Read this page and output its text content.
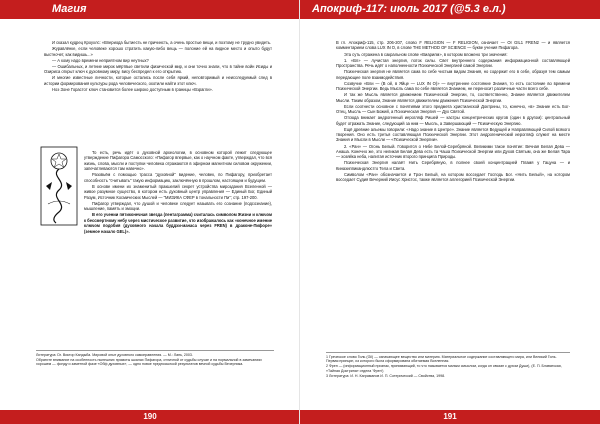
Магия

И сказал кудрец Кроухлс: «Впериода бытиесть не причинсть, а очень простые вещи, и поэтому не трудно увидеть.

Журавлёнке, если человеке хорошо стратить какую-либо вещь — полоние ей на видное место и опыто будут выстночет, как видишь...»

— А кому надо времени неприятном вир неутных?

— Ошибальных, и летние мирок мёртвые светили физической мир, и они точно знали, что в тайне войн Исиды и Озириса открыт ключ к духовному миру, вису беспредел к его открытию.

И многие известные личности, которые остались после себя яркий, неповторимый и неисследуемый след в истории формирования культуры рода человеческого, охотили найти этот ключ.

Ноэ Зоне Горастот ключ становится более широко доступным в границы «Взрагли».

То есть, речь идёт о духовной археологии, в основном которой лежит следующее утверждение Пифагора Самосского: «Пифагор впервые, как о научном факте, утверждал, что вся жизнь, слова, мысли и поступки человека отражаются в эфирном магнитном силовом окружении, запечатлеваются там навечно».

Разовьём с помощью трасса "духовной" видение, человек, по Пифагору, приобретает способность "считывать" такую информацию, заключённую в прошлом, настоящем и будущем.

В основе имени их знаменитый пракшелий секрет устройства мироздания Вселенной — живое разумное существо, в котором есть духовный центр управления — Единый Бог, Единый Разум, Источник Космических Мыслей — "МИЗИКА СФЕР в тональности Пи"; стр. 197-200.

Пифагор утверждал, что душой и человеке следует называть его сознание (подсознание), мышление, память и эмоции.

В его учении пятиконечная звезда (пентаграмма) считалась символом Жизни и ключом к бессмертному небу через мистическое развитие, что изображалось как «конечное имение ключом подобия (духовного начала буддхи-манаса через FREN) в драконе-Пифоре» (земное начало GEL)».

Литература: Dr. Виктор Кандыба. Мировой опыт духовного самоправления. — М.: Лань, 2003.

Обратите внимание на особенность нынешних прямоты шкалах Пифагора, отличной от судьбы случае и на нормальной в замечаниях хорошем — фонду и заметной фазе «Обф духовных», — одно новое предпосылкой результатов вечной судьбы Вечерника.

190
Апокриф-117: июль 2017 (@5.3 е.л.)

В гл. Апокриф-115, стр. 206-207, слово F RELIGION — F RELIGION, означает — OI GIL1 FREN2 — и является комментарием слова LUX IN O, в слове THE METHOD OF SCIENCE — букве учения Пифагора.

Эта суть отражена в сакральном слове «Виарилм», в котором вложено три значения:

1. «Вл» — лучистая энергия, поток силы. Свет внутреннего содержания информационной составляющей Пространства. Речь идёт о наполненности Психической Энергией самой Энергии.

Психическая энергия не является сама по себе чистым видом Знания, но содержит его в себе, образуя тем самым передающее поле взаимодействия.

Созвучие «Вли — (В ой, в Яйце — LUX IN O)» — внутреннее состояние Знания, то есть состояние во времени Психической Энергии. Ведь Мысль сама по себе является Знанием, не переносит различные части всего себе.

И так же Мысль является движением Психической Энергии, то, соответственно, Знание является движителем Мысли. Таким образом, Знание является движителем движения Психической Энергии.

Если соотнести основное с понятиями этого предмета христианской Доктрины, то, конечно, «в» Знание есть Бог-Отец, Мысль — Сын Божий, а Психическая Энергия — Дух Святой.

Отсюда вникает андрогенный иерогляф Ришей — кастры концентрических кругов (один в другом): центральный будет отражать Знание, следующий за ним — Мысль, а Завершающий — Психическую Энергию.

Ещё древние альемы говорили: «Надо знание в Центре». Знание является Ведущей и Направляющей Силой всякого творения. Оно есть третья составляющая Психической Энергии. Этот андрогенический иерогляф служит на месте Знания и Мысли в Мысли — «Психической Энергии».

2. «Ран» — Огонь Белый. Говорится о Небе Белой-Серебряной. Великими такое понятие: Вечная Белая Дева — Анаша. Конечно же, это неликая Белая Дева есть та Чаша Психической Энергии или Духов Святым, она же Белая Тара — хозяйка неба, налитая источник второго принципа Природы.

Психическая Энергия налаёт Нить Серебряную, в полнее своей концентрацией Пламя у Гацуна — и Кинахиппикандлюстго Тела и Света.

Символом «Ран» обозначается и Трон Белый, на котором восседает Господь Бог. «Нить Белый», на котором восседает Судия Вечерний Иисус Христос, также является аллегорией Психической Энергии.

1 Греческое слово Гиль (Gil) — означающее вещество или материю. Материальное содержание составляющего мира, или Великий Гиль. Первая принцип, из которого была сформирована обитаемая Вселенная.

2 Френ — (информационный признак, принимающий, то что называется малым смыслом, когда он связан с духом Души), (Е. П. Блаватская, «Тайная Доктрина» отдела 'Френ')

3 Литература: И. Н. Каграманов И. П. Сотерический — Свойства, 1998.

191
